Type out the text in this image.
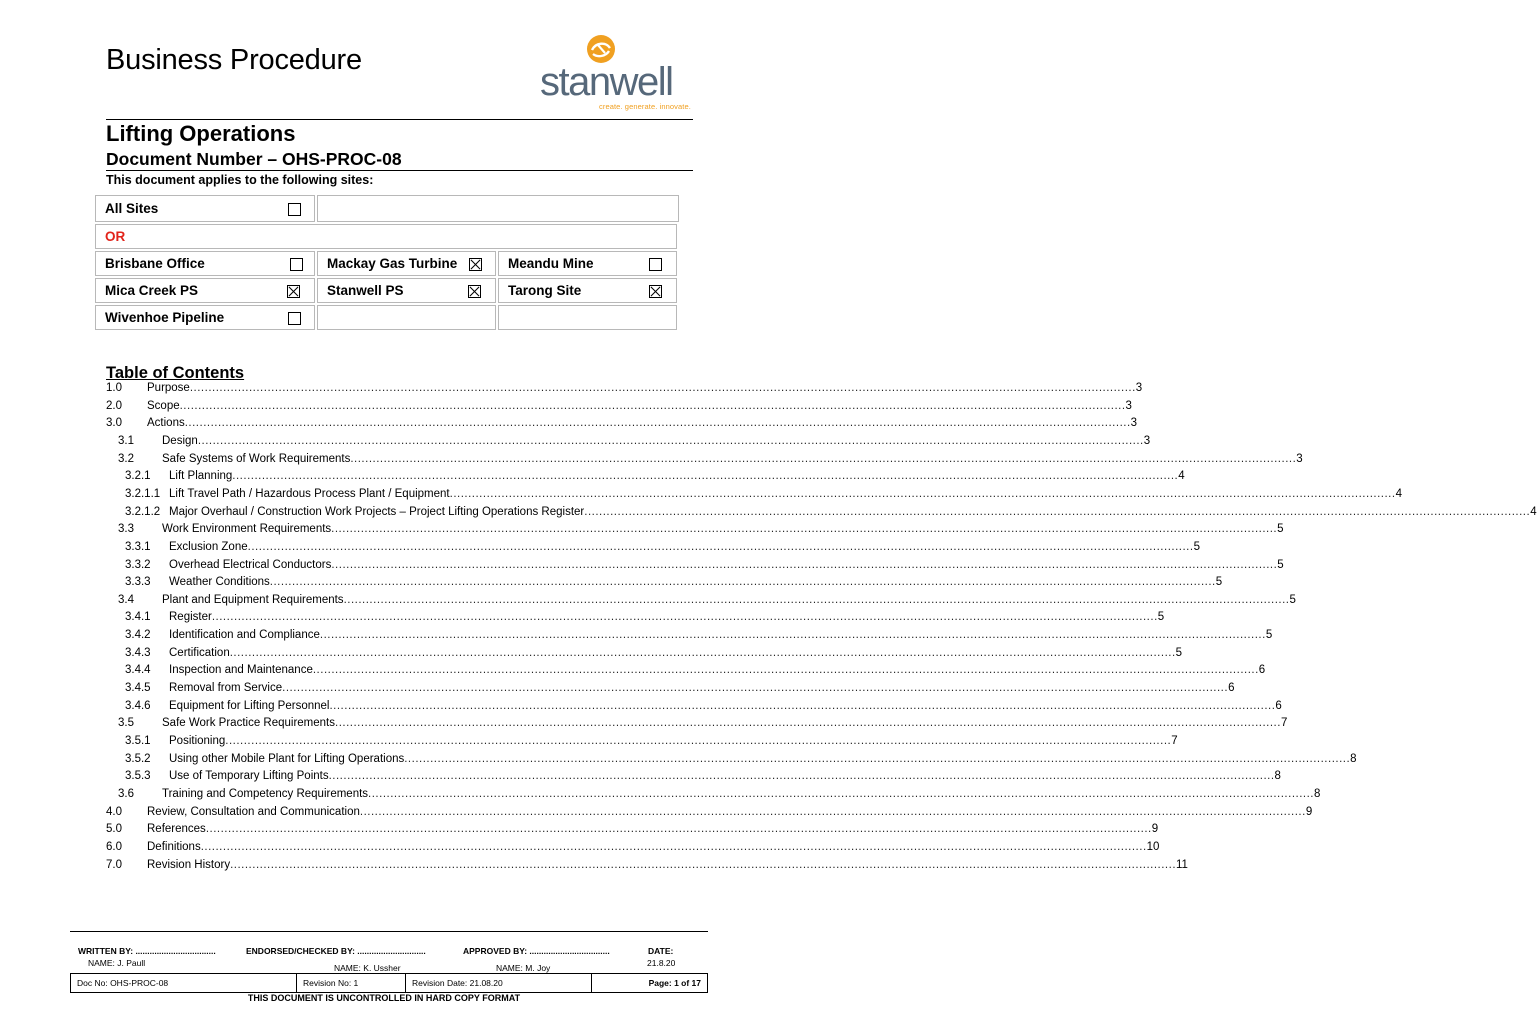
Business Procedure	stanwell
create. generate. innovate.
Lifting Operations
Document Number – OHS-PROC-08
This document applies to the following sites:
All Sites
OR
Brisbane Office	Mackay Gas Turbine	Meandu Mine
Mica Creek PS	Stanwell PS	Tarong Site
Wivenhoe Pipeline
Table of Contents
1.0 Purpose .....	3
2.0 Scope .....	3
3.0 Actions .....	3
3.1 Design .....	3
3.2 Safe Systems of Work Requirements .....	3
3.2.1 Lift Planning .....	4
3.2.1.1 Lift Travel Path / Hazardous Process Plant / Equipment .....	4
3.2.1.2 Major Overhaul / Construction Work Projects – Project Lifting Operations Register .....	4
3.3 Work Environment Requirements .....	5
3.3.1 Exclusion Zone .....	5
3.3.2 Overhead Electrical Conductors .....	5
3.3.3 Weather Conditions .....	5
3.4 Plant and Equipment Requirements .....	5
3.4.1 Register .....	5
3.4.2 Identification and Compliance .....	5
3.4.3 Certification .....	5
3.4.4 Inspection and Maintenance .....	6
3.4.5 Removal from Service .....	6
3.4.6 Equipment for Lifting Personnel .....	6
3.5 Safe Work Practice Requirements .....	7
3.5.1 Positioning .....	7
3.5.2 Using other Mobile Plant for Lifting Operations .....	8
3.5.3 Use of Temporary Lifting Points .....	8
3.6 Training and Competency Requirements .....	8
4.0 Review, Consultation and Communication .....	9
5.0 References .....	9
6.0 Definitions .....	10
7.0 Revision History .....	11
WRITTEN BY: ..................................
NAME: J. Paull
ENDORSED/CHECKED BY: .............................
NAME: K. Ussher
APPROVED BY: ..................................
NAME: M. Joy
DATE:
21.8.20
Doc No: OHS-PROC-08	Revision No: 1	Revision Date: 21.08.20	Page: 1 of 17
THIS DOCUMENT IS UNCONTROLLED IN HARD COPY FORMAT
